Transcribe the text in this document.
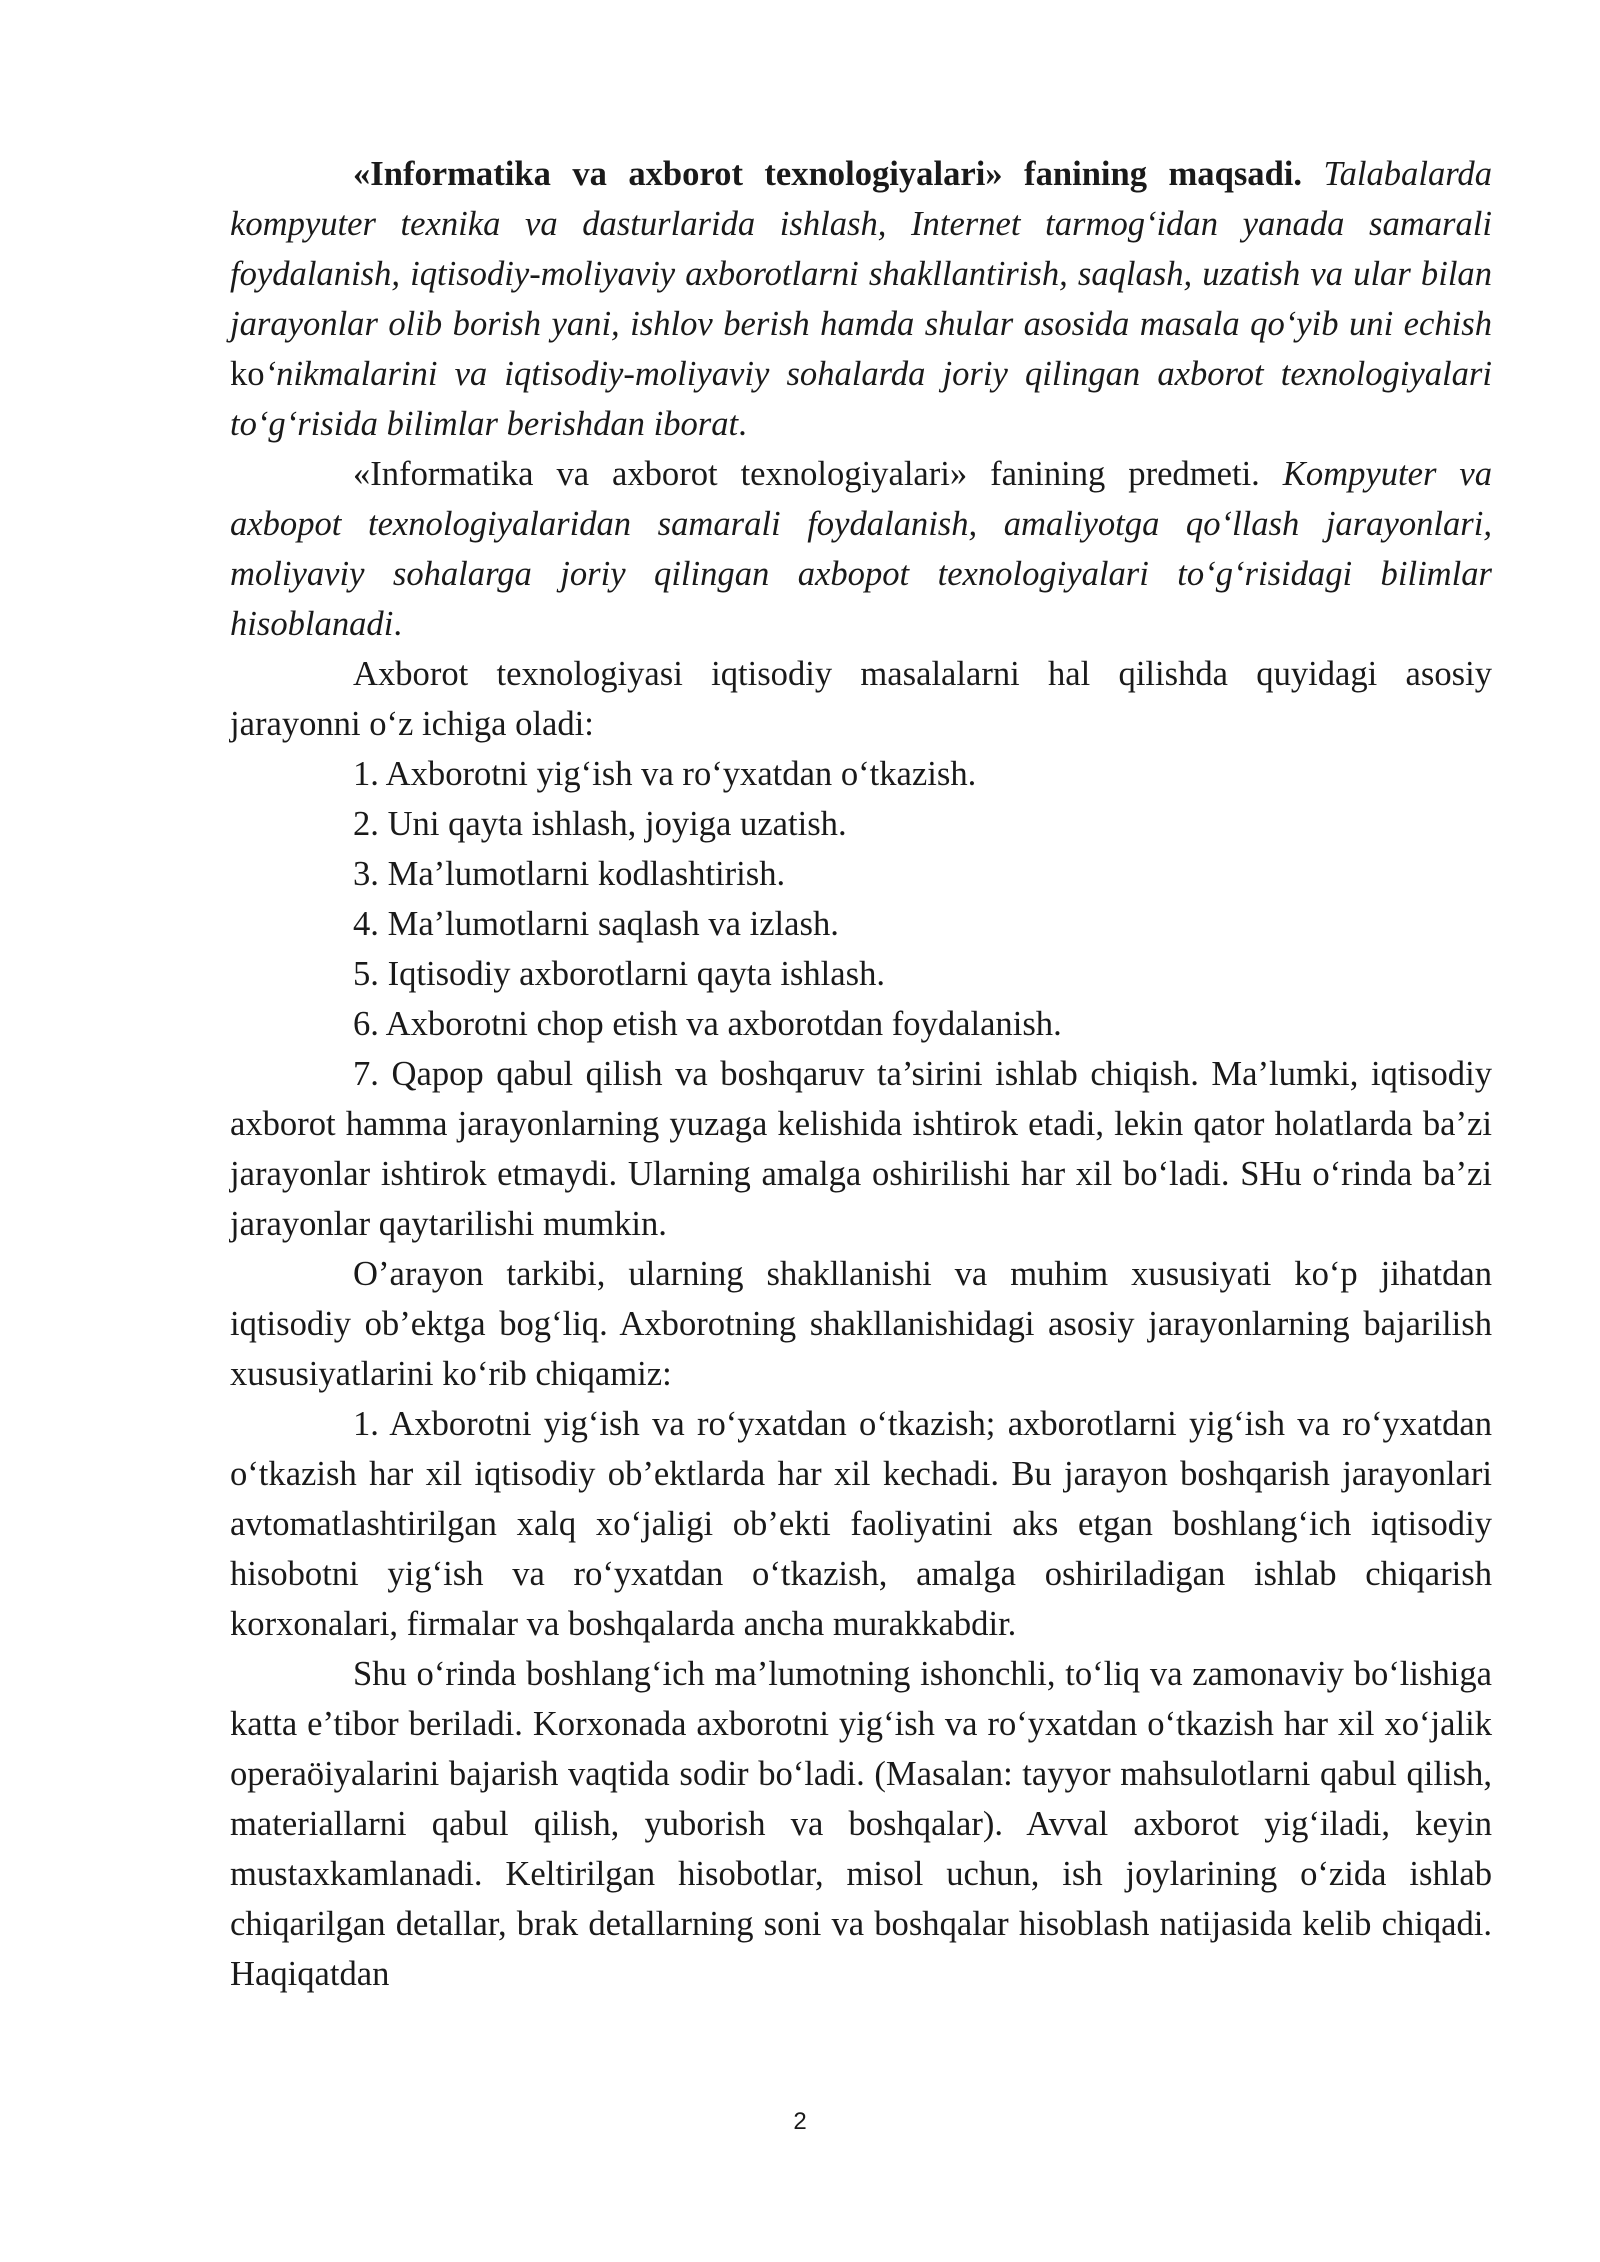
«Informatika va axborot texnologiyalari» fanining maqsadi. Talabalarda kompyuter texnika va dasturlarida ishlash, Internet tarmog‘idan yanada samarali foydalanish, iqtisodiy-moliyaviy axborotlarni shakllantirish, saqlash, uzatish va ular bilan jarayonlar olib borish yani, ishlov berish hamda shular asosida masala qo‘yib uni echish ko‘nikmalarini va iqtisodiy-moliyaviy sohalarda joriy qilingan axborot texnologiyalari to‘g‘risida bilimlar berishdan iborat.

«Informatika va axborot texnologiyalari» fanining predmeti. Kompyuter va axbopot texnologiyalaridan samarali foydalanish, amaliyotga qo‘llash jarayonlari, moliyaviy sohalarga joriy qilingan axbopot texnologiyalari to‘g‘risidagi bilimlar hisoblanadi.

Axborot texnologiyasi iqtisodiy masalalarni hal qilishda quyidagi asosiy jarayonni o‘z ichiga oladi:

1. Axborotni yig‘ish va ro‘yxatdan o‘tkazish.

2. Uni qayta ishlash, joyiga uzatish.

3. Ma’lumotlarni kodlashtirish.

4. Ma’lumotlarni saqlash va izlash.

5. Iqtisodiy axborotlarni qayta ishlash.

6. Axborotni chop etish va axborotdan foydalanish.

7. Qapop qabul qilish va boshqaruv ta’sirini ishlab chiqish. Ma’lumki, iqtisodiy axborot hamma jarayonlarning yuzaga kelishida ishtirok etadi, lekin qator holatlarda ba’zi jarayonlar ishtirok etmaydi. Ularning amalga oshirilishi har xil bo‘ladi. SHu o‘rinda ba’zi jarayonlar qaytarilishi mumkin.

O’arayon tarkibi, ularning shakllanishi va muhim xususiyati ko‘p jihatdan iqtisodiy ob’ektga bog‘liq. Axborotning shakllanishidagi asosiy jarayonlarning bajarilish xususiyatlarini ko‘rib chiqamiz:

1. Axborotni yig‘ish va ro‘yxatdan o‘tkazish; axborotlarni yig‘ish va ro‘yxatdan o‘tkazish har xil iqtisodiy ob’ektlarda har xil kechadi. Bu jarayon boshqarish jarayonlari avtomatlashtirilgan xalq xo‘jaligi ob’ekti faoliyatini aks etgan boshlang‘ich iqtisodiy hisobotni yig‘ish va ro‘yxatdan o‘tkazish, amalga oshiriladigan ishlab chiqarish korxonalari, firmalar va boshqalarda ancha murakkabdir.

Shu o‘rinda boshlang‘ich ma’lumotning ishonchli, to‘liq va zamonaviy bo‘lishiga katta e’tibor beriladi. Korxonada axborotni yig‘ish va ro‘yxatdan o‘tkazish har xil xo‘jalik operaöiyalarini bajarish vaqtida sodir bo‘ladi. (Masalan: tayyor mahsulotlarni qabul qilish, materiallarni qabul qilish, yuborish va boshqalar). Avval axborot yig‘iladi, keyin mustaxkamlanadi. Keltirilgan hisobotlar, misol uchun, ish joylarining o‘zida ishlab chiqarilgan detallar, brak detallarning soni va boshqalar hisoblash natijasida kelib chiqadi. Haqiqatdan

2
